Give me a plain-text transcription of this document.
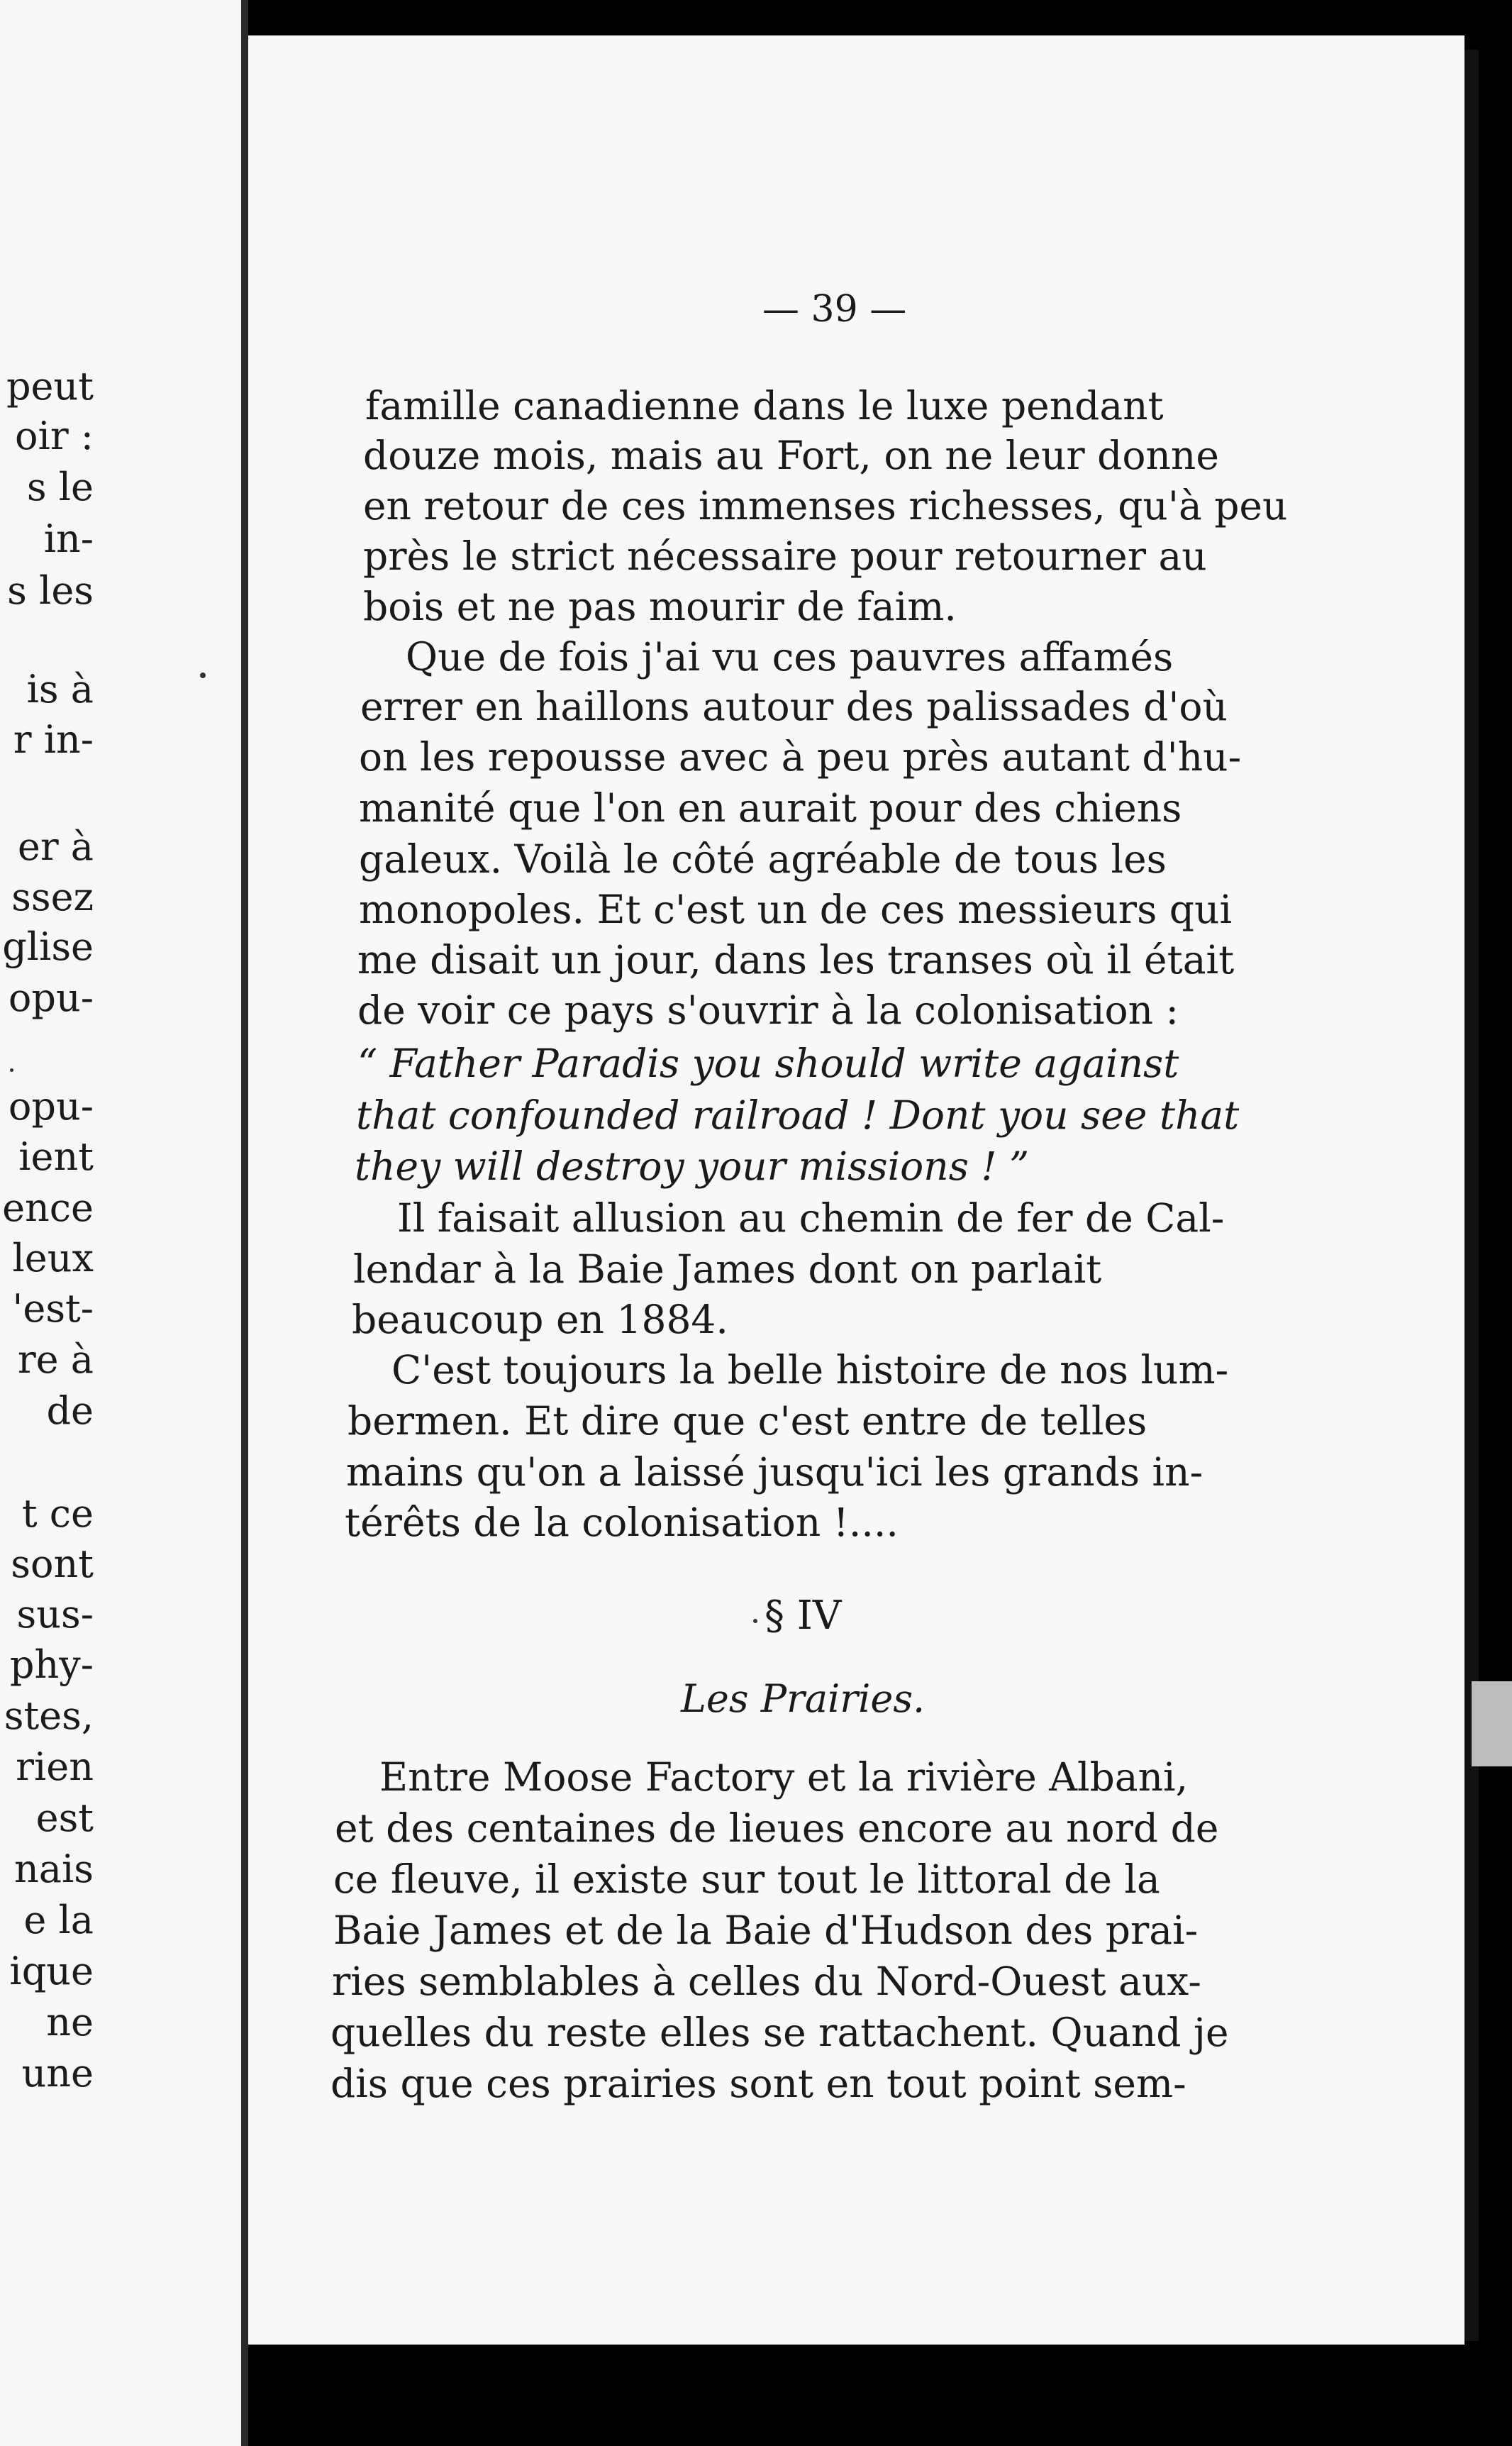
peut
oir :
s le
in-
s les
is à
r in-
er à
ssez
glise
opu-
opu-
ient
ence
leux
'est-
re à
de
t ce
sont
sus-
phy-
stes,
rien
est
nais
e la
ique
ne
une
— 39 —
famille canadienne dans le luxe pendant
douze mois, mais au Fort, on ne leur donne
en retour de ces immenses richesses, qu'à peu
près le strict nécessaire pour retourner au
bois et ne pas mourir de faim.
Que de fois j'ai vu ces pauvres affamés
errer en haillons autour des palissades d'où
on les repousse avec à peu près autant d'hu-
manité que l'on en aurait pour des chiens
galeux. Voilà le côté agréable de tous les
monopoles. Et c'est un de ces messieurs qui
me disait un jour, dans les transes où il était
de voir ce pays s'ouvrir à la colonisation :
“ Father Paradis you should write against
that confounded railroad ! Dont you see that
they will destroy your missions ! ”
Il faisait allusion au chemin de fer de Cal-
lendar à la Baie James dont on parlait
beaucoup en 1884.
C'est toujours la belle histoire de nos lum-
bermen. Et dire que c'est entre de telles
mains qu'on a laissé jusqu'ici les grands in-
térêts de la colonisation !....
§ IV
Les Prairies.
Entre Moose Factory et la rivière Albani,
et des centaines de lieues encore au nord de
ce fleuve, il existe sur tout le littoral de la
Baie James et de la Baie d'Hudson des prai-
ries semblables à celles du Nord-Ouest aux-
quelles du reste elles se rattachent. Quand je
dis que ces prairies sont en tout point sem-
